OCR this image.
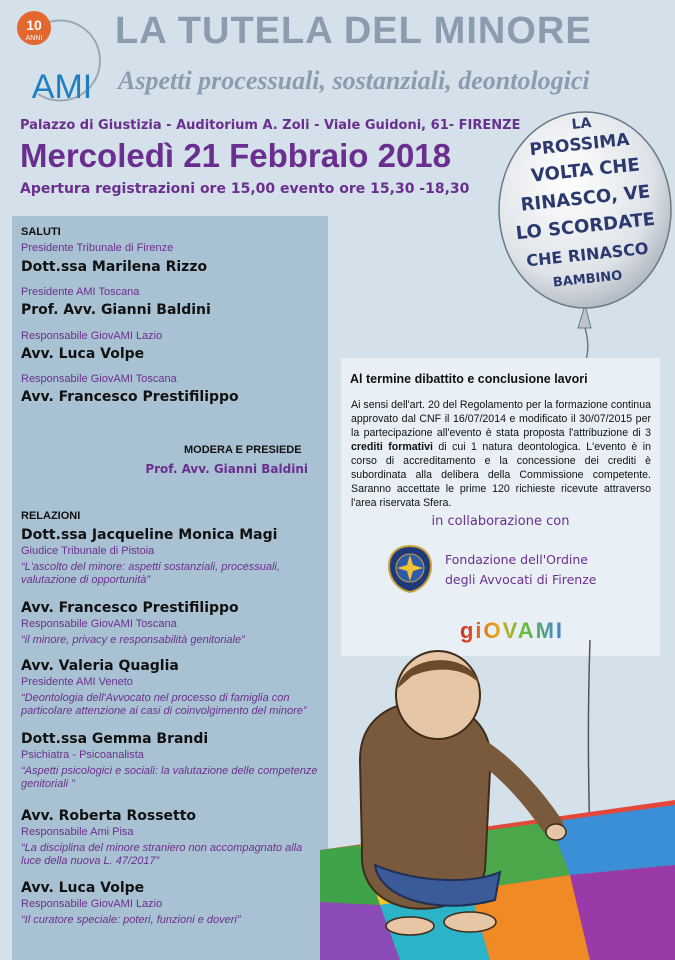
10
ANNI
AMI
LA TUTELA DEL MINORE
Aspetti processuali, sostanziali, deontologici
Palazzo di Giustizia - Auditorium A. Zoli - Viale Guidoni, 61- FIRENZE
Mercoledì 21 Febbraio 2018
Apertura registrazioni ore 15,00 evento ore 15,30 -18,30
LA
PROSSIMA
VOLTA CHE
RINASCO, VE
LO SCORDATE
CHE RINASCO
BAMBINO
SALUTI
Presidente Tribunale di Firenze
Dott.ssa Marilena Rizzo
Presidente AMI Toscana
Prof. Avv. Gianni Baldini
Responsabile GiovAMI Lazio
Avv. Luca Volpe
Responsabile GiovAMI Toscana
Avv. Francesco Prestifilippo
MODERA E PRESIEDE
Prof. Avv. Gianni Baldini
RELAZIONI
Dott.ssa Jacqueline Monica Magi
Giudice Tribunale di Pistoia
“L'ascolto del minore: aspetti sostanziali, processuali, valutazione di opportunità”
Avv. Francesco Prestifilippo
Responsabile GiovAMI Toscana
“il minore, privacy e responsabilità genitoriale”
Avv. Valeria Quaglia
Presidente AMI Veneto
“Deontologia dell'Avvocato nel processo di famiglia con particolare attenzione ai casi di coinvolgimento del minore”
Dott.ssa Gemma Brandi
Psichiatra - Psicoanalista
“Aspetti psicologici e sociali: la valutazione delle competenze genitoriali ”
Avv. Roberta Rossetto
Responsabile Ami Pisa
“La disciplina del minore straniero non accompagnato alla luce della nuova L. 47/2017”
Avv. Luca Volpe
Responsabile GiovAMI Lazio
“Il curatore speciale: poteri, funzioni e doveri”
Al termine dibattito e conclusione lavori
Ai sensi dell'art. 20 del Regolamento per la formazione continua approvato dal CNF il 16/07/2014 e modificato il 30/07/2015 per la partecipazione all'evento è stata proposta l'attribuzione di 3 crediti formativi di cui 1 natura deontologica. L'evento è in corso di accreditamento e la concessione dei crediti è subordinata alla delibera della Commissione competente. Saranno accettate le prime 120 richieste ricevute attraverso l'area riservata Sfera.
in collaborazione con
Fondazione dell'Ordine
degli Avvocati di Firenze
giOVAMI
